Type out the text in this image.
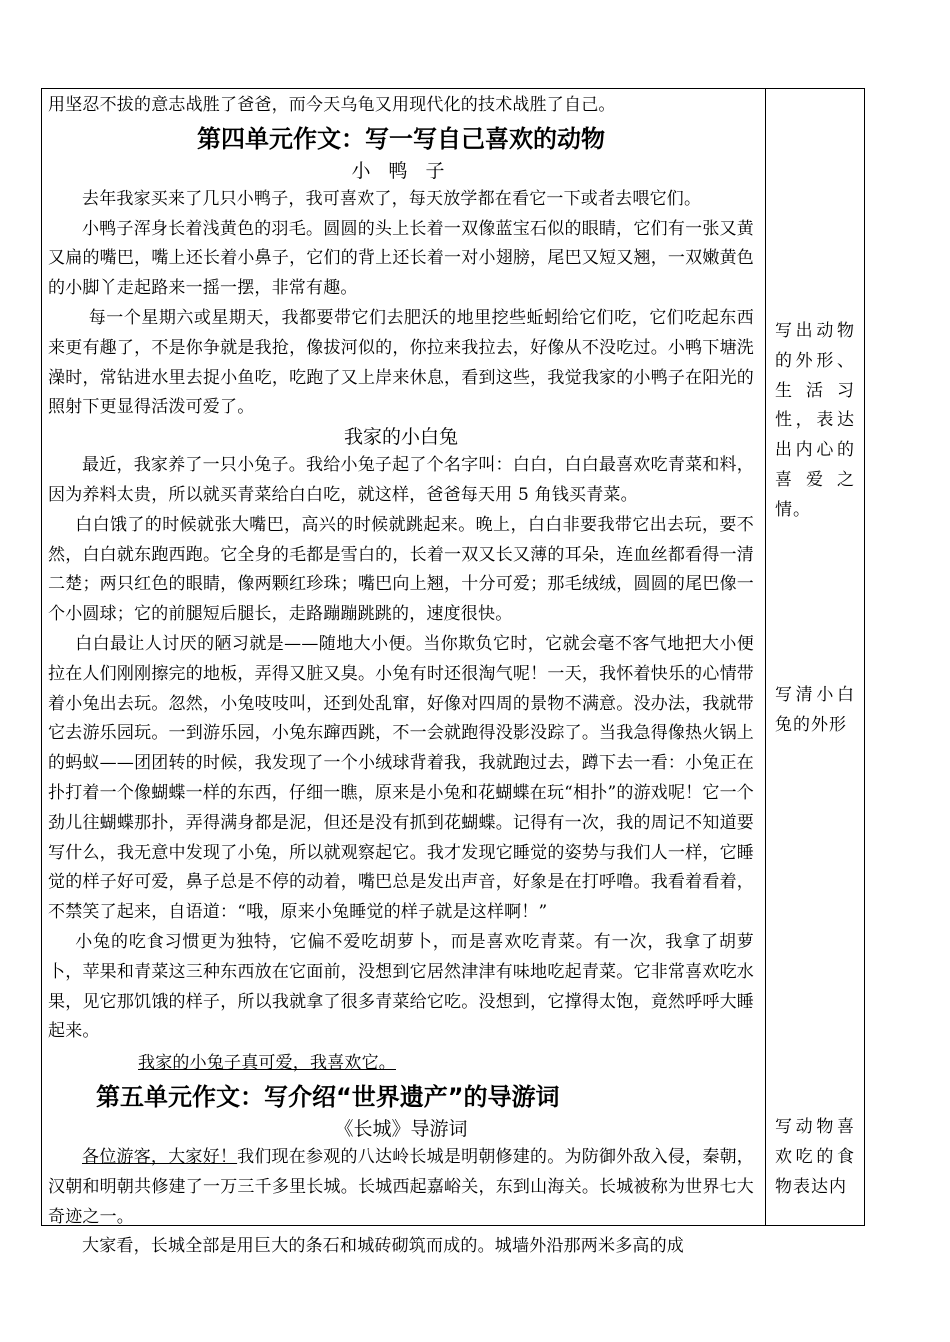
用坚忍不拔的意志战胜了爸爸，而今天乌龟又用现代化的技术战胜了自己。

第四单元作文：写一写自己喜欢的动物
小 鸭 子

去年我家买来了几只小鸭子，我可喜欢了，每天放学都在看它一下或者去喂它们。

小鸭子浑身长着浅黄色的羽毛。圆圆的头上长着一双像蓝宝石似的眼睛，它们有一张又黄又扁的嘴巴，嘴上还长着小鼻子，它们的背上还长着一对小翅膀，尾巴又短又翘，一双嫩黄色的小脚丫走起路来一摇一摆，非常有趣。

每一个星期六或星期天，我都要带它们去肥沃的地里挖些蚯蚓给它们吃，它们吃起东西来更有趣了，不是你争就是我抢，像拔河似的，你拉来我拉去，好像从不没吃过。小鸭下塘洗澡时，常钻进水里去捉小鱼吃，吃跑了又上岸来休息，看到这些，我觉我家的小鸭子在阳光的照射下更显得活泼可爱了。

我家的小白兔

最近，我家养了一只小兔子。我给小兔子起了个名字叫：白白，白白最喜欢吃青菜和料，因为养料太贵，所以就买青菜给白白吃，就这样，爸爸每天用 5 角钱买青菜。

白白饿了的时候就张大嘴巴，高兴的时候就跳起来。晚上，白白非要我带它出去玩，要不然，白白就东跑西跑。它全身的毛都是雪白的，长着一双又长又薄的耳朵，连血丝都看得一清二楚；两只红色的眼睛，像两颗红珍珠；嘴巴向上翘，十分可爱；那毛绒绒，圆圆的尾巴像一个小圆球；它的前腿短后腿长，走路蹦蹦跳跳的，速度很快。

白白最让人讨厌的陋习就是——随地大小便。当你欺负它时，它就会毫不客气地把大小便拉在人们刚刚擦完的地板，弄得又脏又臭。小兔有时还很淘气呢！一天，我怀着快乐的心情带着小兔出去玩。忽然，小兔吱吱叫，还到处乱窜，好像对四周的景物不满意。没办法，我就带它去游乐园玩。一到游乐园，小兔东蹿西跳，不一会就跑得没影没踪了。当我急得像热火锅上的蚂蚁——团团转的时候，我发现了一个小绒球背着我，我就跑过去，蹲下去一看：小兔正在扑打着一个像蝴蝶一样的东西，仔细一瞧，原来是小兔和花蝴蝶在玩“相扑”的游戏呢！它一个劲儿往蝴蝶那扑，弄得满身都是泥，但还是没有抓到花蝴蝶。记得有一次，我的周记不知道要写什么，我无意中发现了小兔，所以就观察起它。我才发现它睡觉的姿势与我们人一样，它睡觉的样子好可爱，鼻子总是不停的动着，嘴巴总是发出声音，好象是在打呼噜。我看着看着，不禁笑了起来，自语道：“哦，原来小兔睡觉的样子就是这样啊！”

小兔的吃食习惯更为独特，它偏不爱吃胡萝卜，而是喜欢吃青菜。有一次，我拿了胡萝卜，苹果和青菜这三种东西放在它面前，没想到它居然津津有味地吃起青菜。它非常喜欢吃水果，见它那饥饿的样子，所以我就拿了很多青菜给它吃。没想到，它撑得太饱，竟然呼呼大睡起来。

我家的小兔子真可爱，我喜欢它。

第五单元作文：写介绍“世界遗产”的导游词
《长城》导游词

各位游客，大家好！我们现在参观的八达岭长城是明朝修建的。为防御外敌入侵，秦朝，汉朝和明朝共修建了一万三千多里长城。长城西起嘉峪关，东到山海关。长城被称为世界七大奇迹之一。

大家看，长城全部是用巨大的条石和城砖砌筑而成的。城墙外沿那两米多高的成

写出动物的外形、生活习性，表达出内心的喜爱之情。

写清小白兔的外形

写动物喜欢吃的食物表达内
